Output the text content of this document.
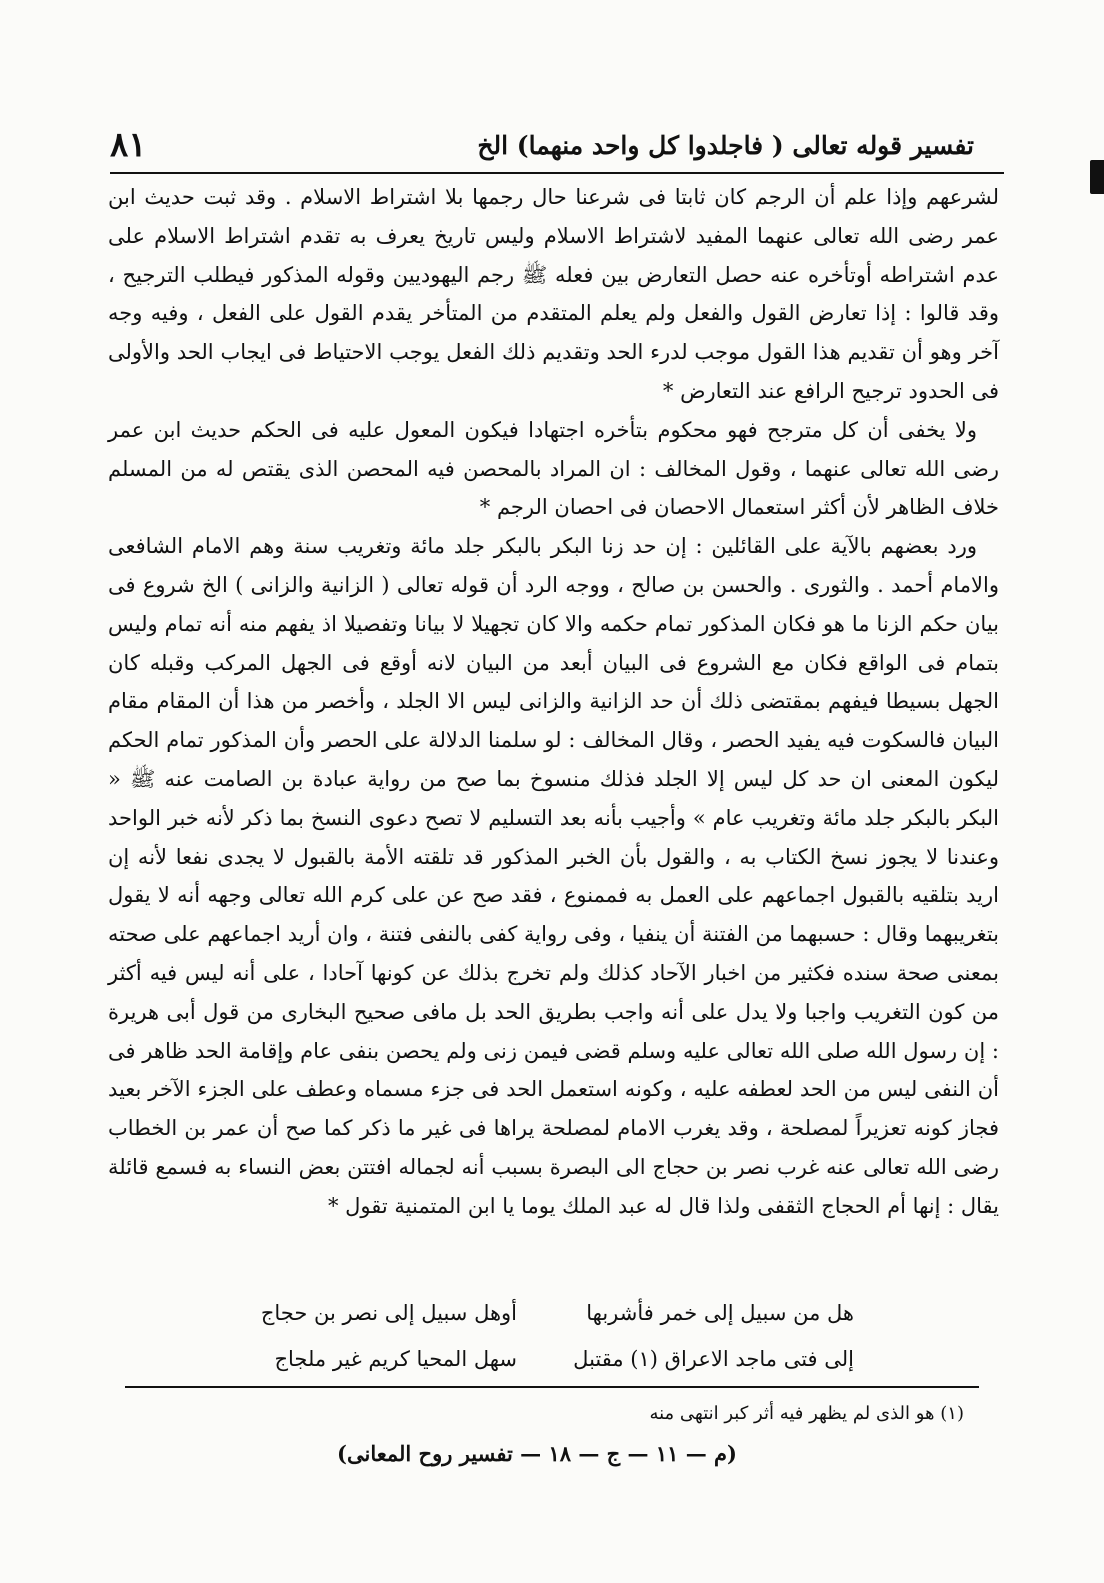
تفسير قوله تعالى ( فاجلدوا كل واحد منهما) الخ
٨١

لشرعهم وإذا علم أن الرجم كان ثابتا فى شرعنا حال رجمها بلا اشتراط الاسلام . وقد ثبت حديث ابن عمر رضى الله تعالى عنهما المفيد لاشتراط الاسلام وليس تاريخ يعرف به تقدم اشتراط الاسلام على عدم اشتراطه أوتأخره عنه حصل التعارض بين فعله ﷺ رجم اليهوديين وقوله المذكور فيطلب الترجيح ، وقد قالوا : إذا تعارض القول والفعل ولم يعلم المتقدم من المتأخر يقدم القول على الفعل ، وفيه وجه آخر وهو أن تقديم هذا القول موجب لدرء الحد وتقديم ذلك الفعل يوجب الاحتياط فى ايجاب الحد والأولى فى الحدود ترجيح الرافع عند التعارض *

ولا يخفى أن كل مترجح فهو محكوم بتأخره اجتهادا فيكون المعول عليه فى الحكم حديث ابن عمر رضى الله تعالى عنهما ، وقول المخالف : ان المراد بالمحصن فيه المحصن الذى يقتص له من المسلم خلاف الظاهر لأن أكثر استعمال الاحصان فى احصان الرجم *

ورد بعضهم بالآية على القائلين : إن حد زنا البكر بالبكر جلد مائة وتغريب سنة وهم الامام الشافعى والامام أحمد . والثورى . والحسن بن صالح ، ووجه الرد أن قوله تعالى ( الزانية والزانى ) الخ شروع فى بيان حكم الزنا ما هو فكان المذكور تمام حكمه والا كان تجهيلا لا بيانا وتفصيلا اذ يفهم منه أنه تمام وليس بتمام فى الواقع فكان مع الشروع فى البيان أبعد من البيان لانه أوقع فى الجهل المركب وقبله كان الجهل بسيطا فيفهم بمقتضى ذلك أن حد الزانية والزانى ليس الا الجلد ، وأخصر من هذا أن المقام مقام البيان فالسكوت فيه يفيد الحصر ، وقال المخالف : لو سلمنا الدلالة على الحصر وأن المذكور تمام الحكم ليكون المعنى ان حد كل ليس إلا الجلد فذلك منسوخ بما صح من رواية عبادة بن الصامت عنه ﷺ « البكر بالبكر جلد مائة وتغريب عام » وأجيب بأنه بعد التسليم لا تصح دعوى النسخ بما ذكر لأنه خبر الواحد وعندنا لا يجوز نسخ الكتاب به ، والقول بأن الخبر المذكور قد تلقته الأمة بالقبول لا يجدى نفعا لأنه إن اريد بتلقيه بالقبول اجماعهم على العمل به فممنوع ، فقد صح عن على كرم الله تعالى وجهه أنه لا يقول بتغريبهما وقال : حسبهما من الفتنة أن ينفيا ، وفى رواية كفى بالنفى فتنة ، وان أريد اجماعهم على صحته بمعنى صحة سنده فكثير من اخبار الآحاد كذلك ولم تخرج بذلك عن كونها آحادا ، على أنه ليس فيه أكثر من كون التغريب واجبا ولا يدل على أنه واجب بطريق الحد بل مافى صحيح البخارى من قول أبى هريرة : إن رسول الله صلى الله تعالى عليه وسلم قضى فيمن زنى ولم يحصن بنفى عام وإقامة الحد ظاهر فى أن النفى ليس من الحد لعطفه عليه ، وكونه استعمل الحد فى جزء مسماه وعطف على الجزء الآخر بعيد فجاز كونه تعزيراً لمصلحة ، وقد يغرب الامام لمصلحة يراها فى غير ما ذكر كما صح أن عمر بن الخطاب رضى الله تعالى عنه غرب نصر بن حجاج الى البصرة بسبب أنه لجماله افتتن بعض النساء به فسمع قائلة يقال : إنها أم الحجاج الثقفى ولذا قال له عبد الملك يوما يا ابن المتمنية تقول *

هل من سبيل إلى خمر فأشربها
أوهل سبيل إلى نصر بن حجاج
إلى فتى ماجد الاعراق (١) مقتبل
سهل المحيا كريم غير ملجاج
(١) هو الذى لم يظهر فيه أثر كبر انتهى منه
(م — ١١ — ج — ١٨ — تفسير روح المعانى)
